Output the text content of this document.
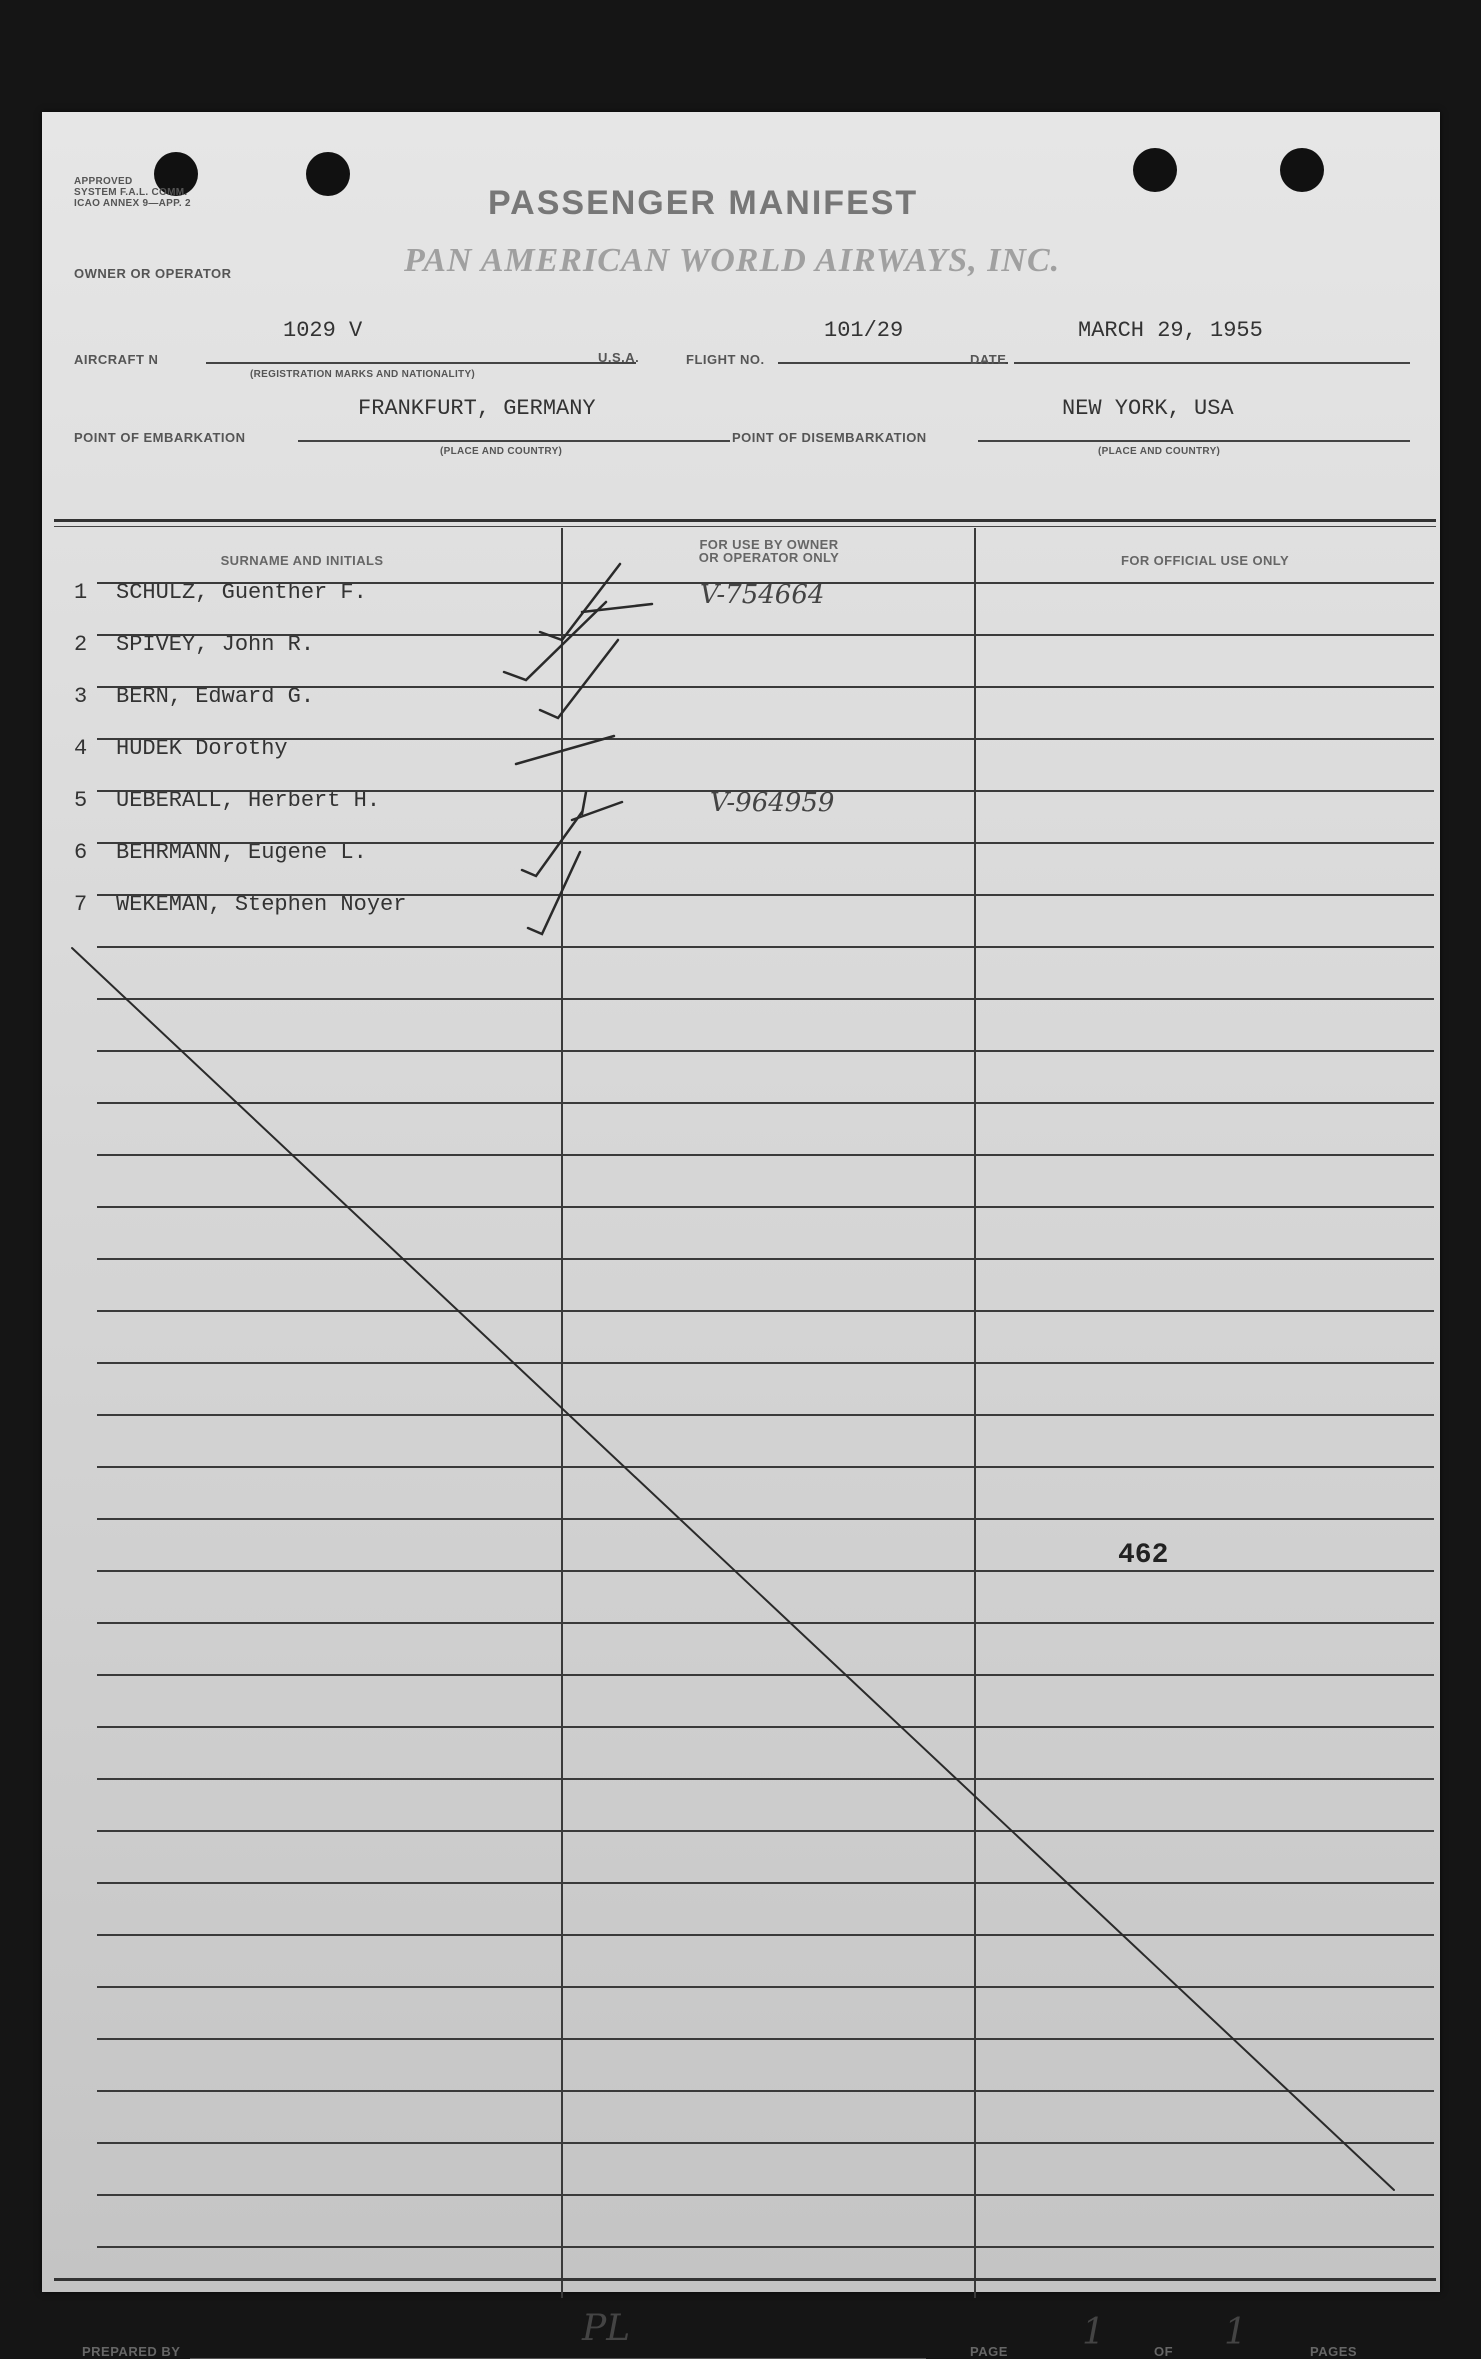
APPROVED
SYSTEM F.A.L. COMM.
ICAO ANNEX 9—APP. 2	PASSENGER MANIFEST
OWNER OR OPERATOR	PAN AMERICAN WORLD AIRWAYS, INC.
AIRCRAFT N
1029 V
(REGISTRATION MARKS AND NATIONALITY)
U.S.A.	FLIGHT NO.
101/29
DATE
MARCH 29, 1955
POINT OF EMBARKATION
FRANKFURT, GERMANY
(PLACE AND COUNTRY)
POINT OF DISEMBARKATION
NEW YORK, USA
(PLACE AND COUNTRY)
SURNAME AND INITIALS
FOR USE BY OWNER
OR OPERATOR ONLY	FOR OFFICIAL USE ONLY
1 SCHULZ, Guenther F.	V-754664
2 SPIVEY, John R.
3 BERN, Edward G.
4 HUDEK Dorothy
5 UEBERALL, Herbert H.	V-964959
6 BEHRMANN, Eugene L.
7 WEKEMAN, Stephen Noyer
462
PREPARED BY
PL
PAGE 1	OF 1	PAGES
